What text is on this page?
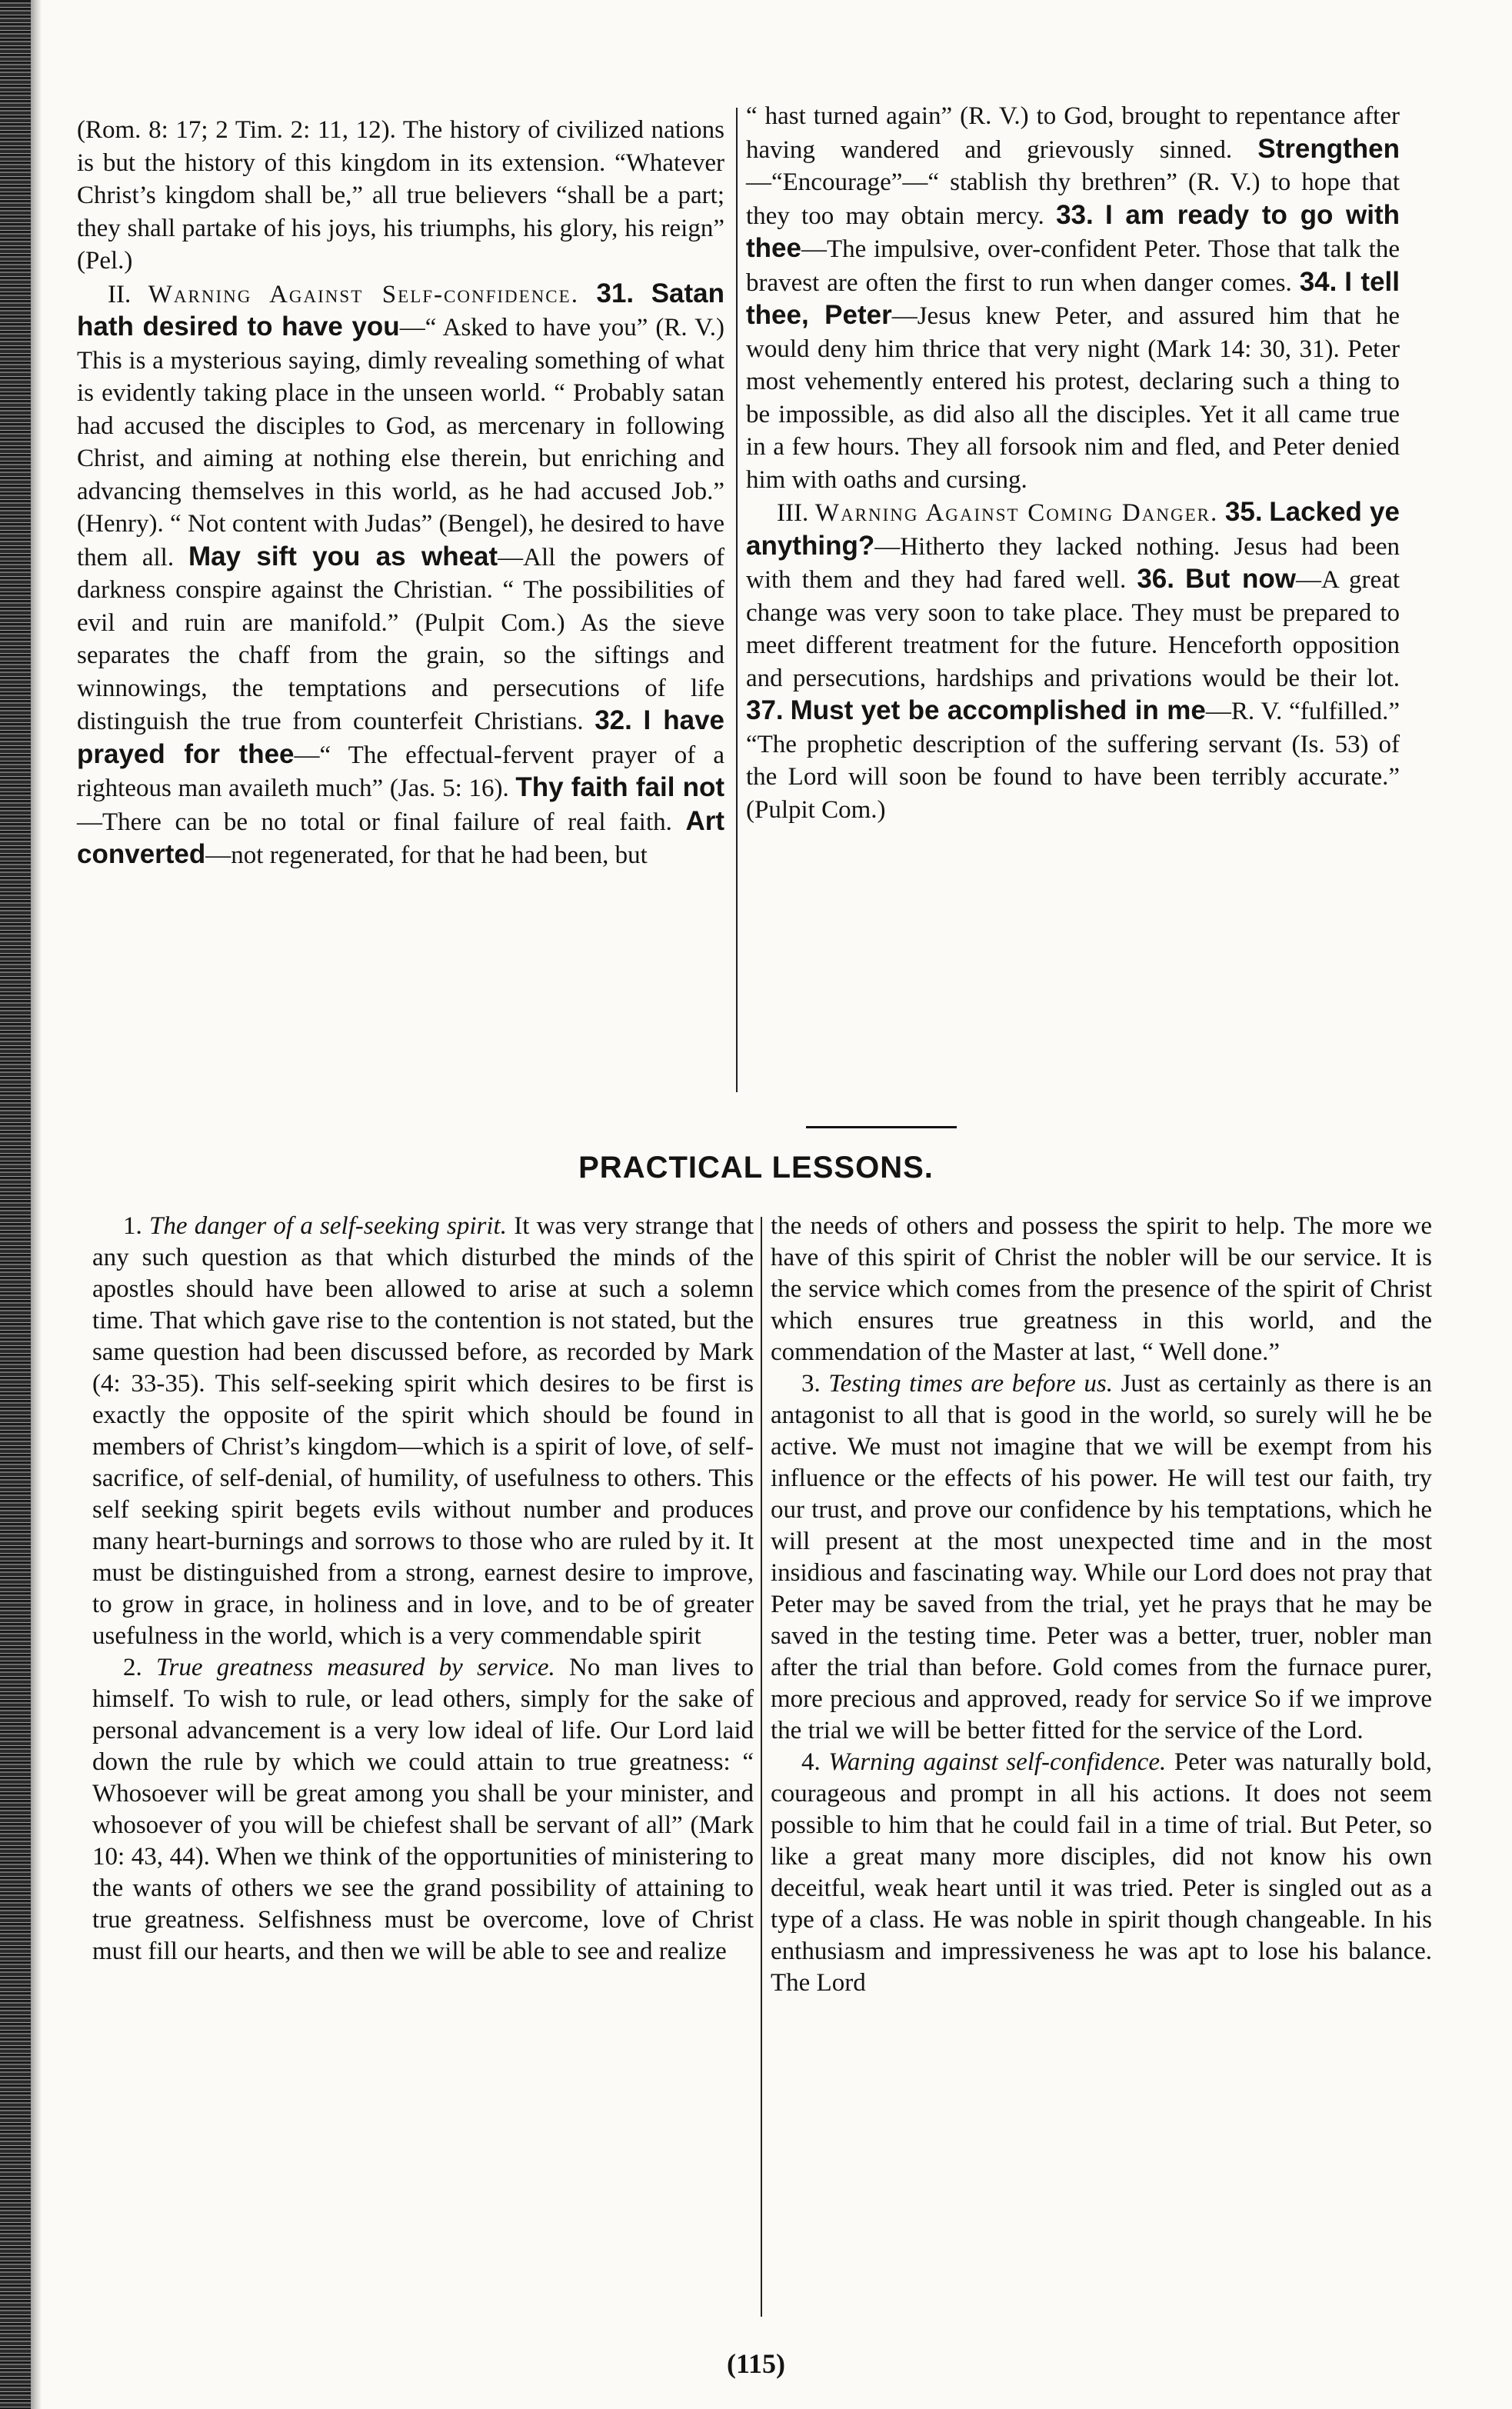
(Rom. 8: 17; 2 Tim. 2: 11, 12). The history of civilized nations is but the history of this kingdom in its extension. “Whatever Christ’s kingdom shall be,” all true believers “shall be a part; they shall partake of his joys, his triumphs, his glory, his reign” (Pel.)

II. Warning Against Self-confidence. 31. Satan hath desired to have you—“ Asked to have you” (R. V.) This is a mysterious saying, dimly revealing something of what is evidently taking place in the unseen world. “ Probably satan had accused the disciples to God, as mercenary in following Christ, and aiming at nothing else therein, but enriching and advancing themselves in this world, as he had accused Job.” (Henry). “ Not content with Judas” (Bengel), he desired to have them all. May sift you as wheat—All the powers of darkness conspire against the Christian. “ The possibilities of evil and ruin are manifold.” (Pulpit Com.) As the sieve separates the chaff from the grain, so the siftings and winnowings, the temptations and persecutions of life distinguish the true from counterfeit Christians. 32. I have prayed for thee—“ The effectual-fervent prayer of a righteous man availeth much” (Jas. 5: 16). Thy faith fail not—There can be no total or final failure of real faith. Art converted—not regenerated, for that he had been, but

“ hast turned again” (R. V.) to God, brought to repentance after having wandered and grievously sinned. Strengthen—“Encourage”—“ stablish thy brethren” (R. V.) to hope that they too may obtain mercy. 33. I am ready to go with thee—The impulsive, over-confident Peter. Those that talk the bravest are often the first to run when danger comes. 34. I tell thee, Peter—Jesus knew Peter, and assured him that he would deny him thrice that very night (Mark 14: 30, 31). Peter most vehemently entered his protest, declaring such a thing to be impossible, as did also all the disciples. Yet it all came true in a few hours. They all forsook nim and fled, and Peter denied him with oaths and cursing.

III. Warning Against Coming Danger. 35. Lacked ye anything?—Hitherto they lacked nothing. Jesus had been with them and they had fared well. 36. But now—A great change was very soon to take place. They must be prepared to meet different treatment for the future. Henceforth opposition and persecutions, hardships and privations would be their lot. 37. Must yet be accomplished in me—R. V. “fulfilled.” “The prophetic description of the suffering servant (Is. 53) of the Lord will soon be found to have been terribly accurate.” (Pulpit Com.)

PRACTICAL LESSONS.

1. The danger of a self-seeking spirit. It was very strange that any such question as that which disturbed the minds of the apostles should have been allowed to arise at such a solemn time. That which gave rise to the contention is not stated, but the same question had been discussed before, as recorded by Mark (4: 33-35). This self-seeking spirit which desires to be first is exactly the opposite of the spirit which should be found in members of Christ’s kingdom—which is a spirit of love, of self-sacrifice, of self-denial, of humility, of usefulness to others. This self seeking spirit begets evils without number and produces many heart-burnings and sorrows to those who are ruled by it. It must be distinguished from a strong, earnest desire to improve, to grow in grace, in holiness and in love, and to be of greater usefulness in the world, which is a very commendable spirit

2. True greatness measured by service. No man lives to himself. To wish to rule, or lead others, simply for the sake of personal advancement is a very low ideal of life. Our Lord laid down the rule by which we could attain to true greatness: “ Whosoever will be great among you shall be your minister, and whosoever of you will be chiefest shall be servant of all” (Mark 10: 43, 44). When we think of the opportunities of ministering to the wants of others we see the grand possibility of attaining to true greatness. Selfishness must be overcome, love of Christ must fill our hearts, and then we will be able to see and realize

the needs of others and possess the spirit to help. The more we have of this spirit of Christ the nobler will be our service. It is the service which comes from the presence of the spirit of Christ which ensures true greatness in this world, and the commendation of the Master at last, “ Well done.”

3. Testing times are before us. Just as certainly as there is an antagonist to all that is good in the world, so surely will he be active. We must not imagine that we will be exempt from his influence or the effects of his power. He will test our faith, try our trust, and prove our confidence by his temptations, which he will present at the most unexpected time and in the most insidious and fascinating way. While our Lord does not pray that Peter may be saved from the trial, yet he prays that he may be saved in the testing time. Peter was a better, truer, nobler man after the trial than before. Gold comes from the furnace purer, more precious and approved, ready for service So if we improve the trial we will be better fitted for the service of the Lord.

4. Warning against self-confidence. Peter was naturally bold, courageous and prompt in all his actions. It does not seem possible to him that he could fail in a time of trial. But Peter, so like a great many more disciples, did not know his own deceitful, weak heart until it was tried. Peter is singled out as a type of a class. He was noble in spirit though changeable. In his enthusiasm and impressiveness he was apt to lose his balance. The Lord

(115)
